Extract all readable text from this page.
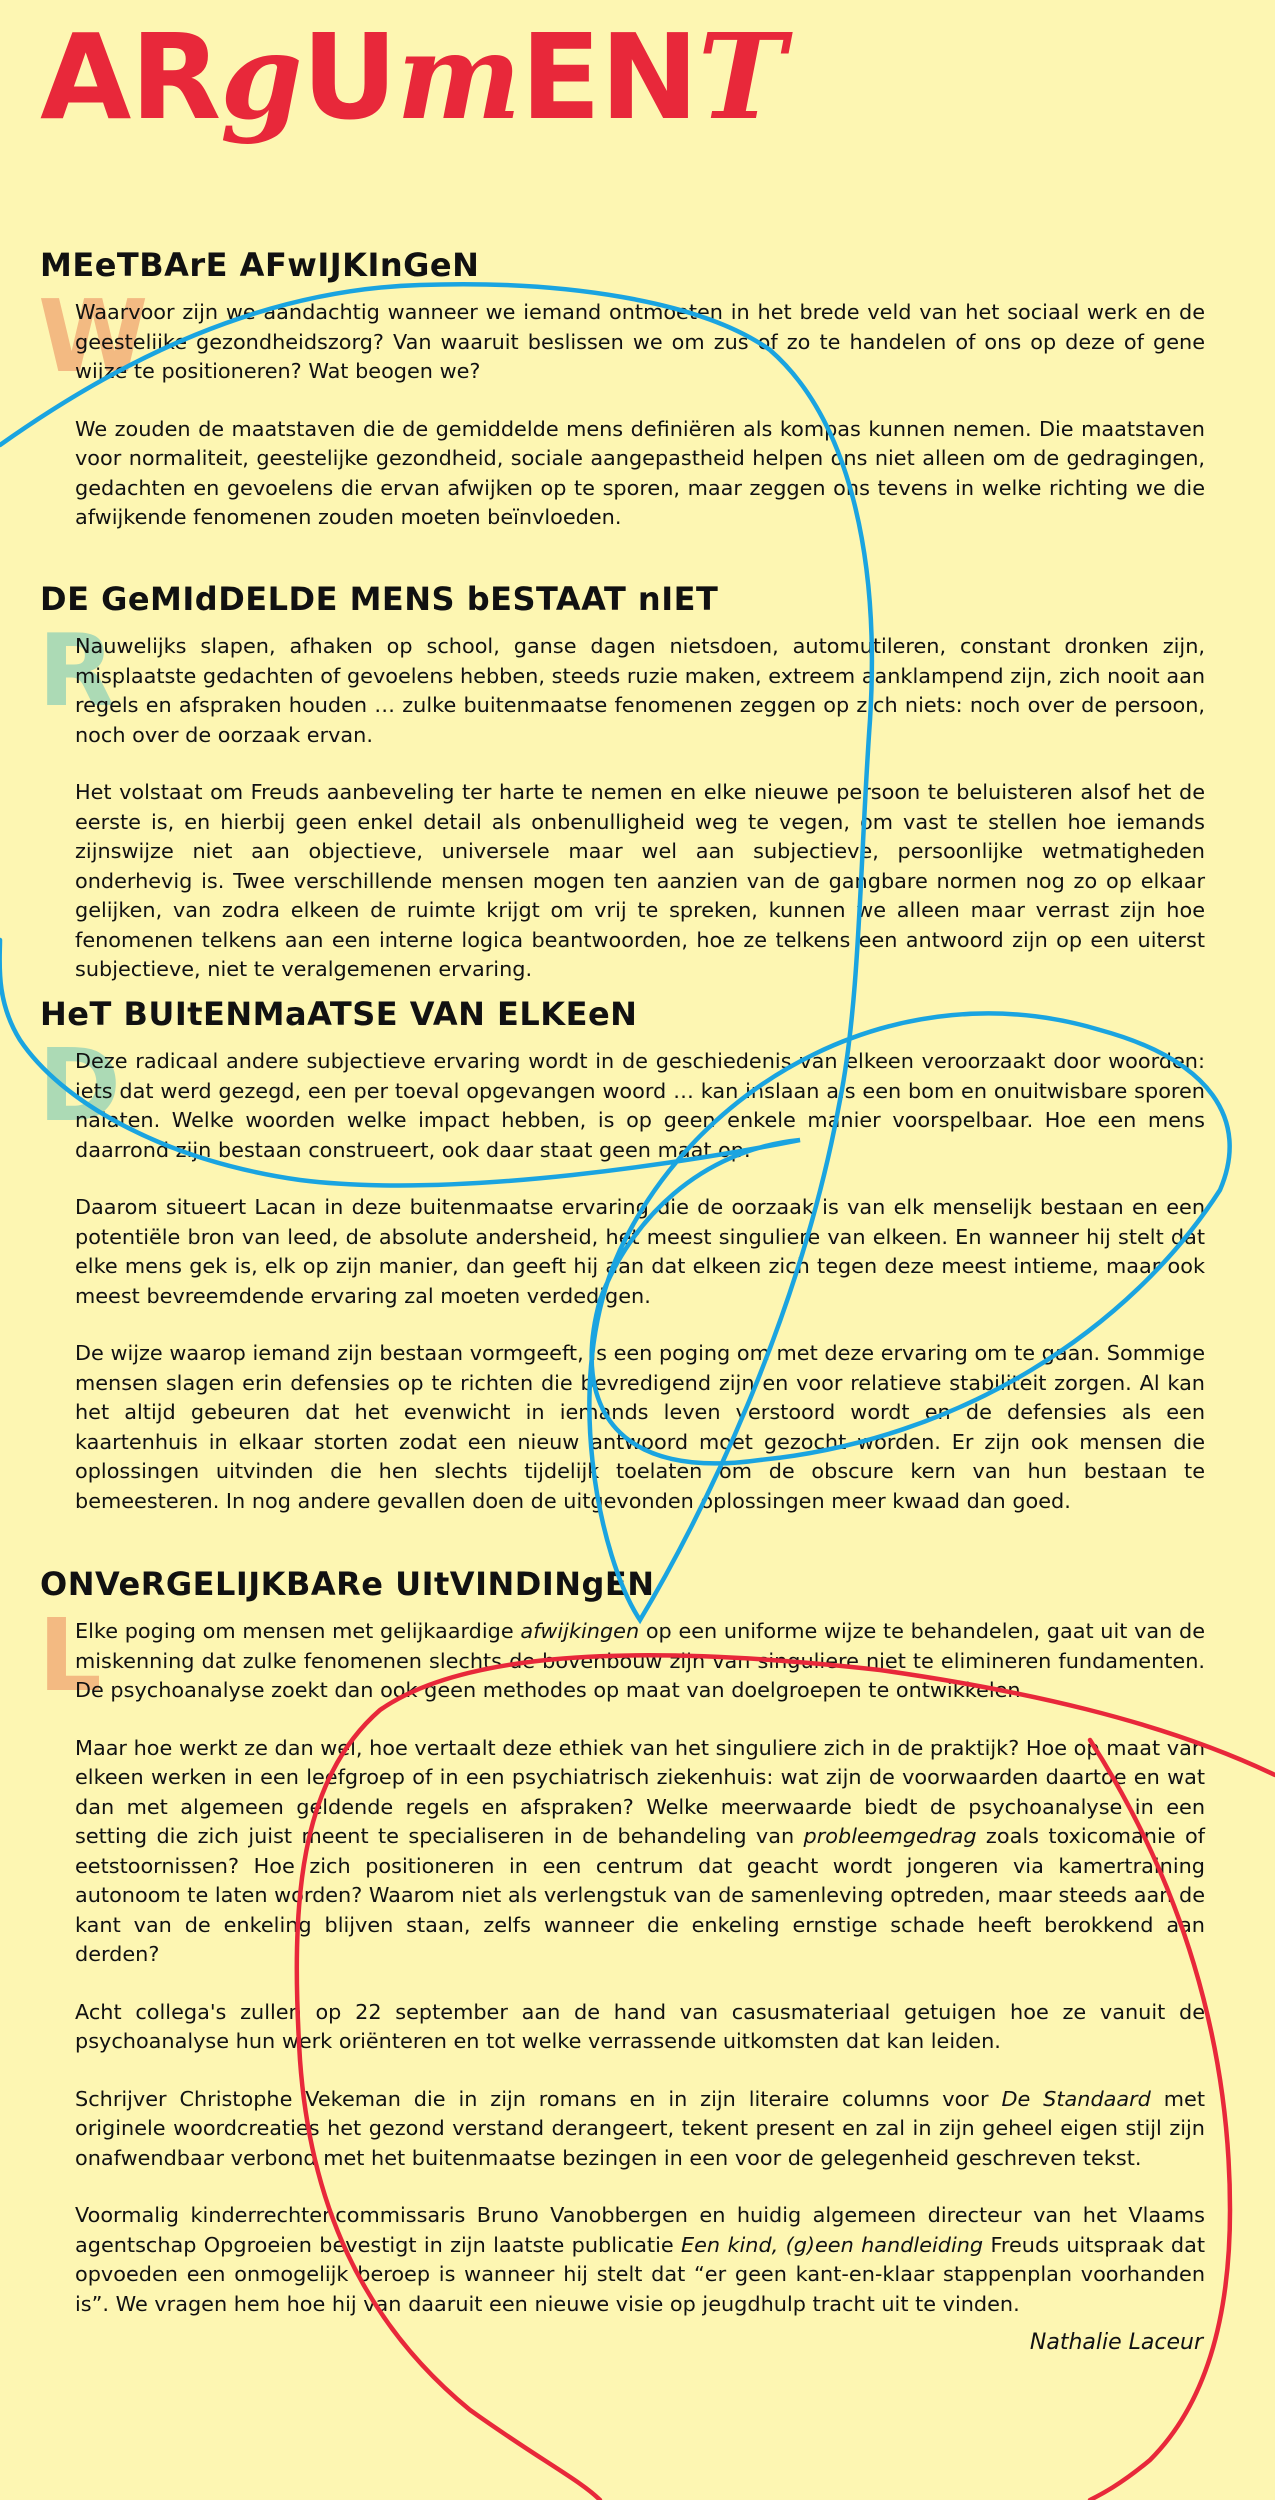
ARgUmENT
W
MEeTBArE AFwIJKInGeN

Waarvoor zijn we aandachtig wanneer we iemand ontmoeten in het brede veld van het sociaal werk en de geestelijke gezondheidszorg? Van waaruit beslissen we om zus of zo te handelen of ons op deze of gene wijze te positioneren? Wat beogen we?

We zouden de maatstaven die de gemiddelde mens definiëren als kompas kunnen nemen. Die maatstaven voor normaliteit, geestelijke gezondheid, sociale aangepastheid helpen ons niet alleen om de gedragingen, gedachten en gevoelens die ervan afwijken op te sporen, maar zeggen ons tevens in welke richting we die afwijkende fenomenen zouden moeten beïnvloeden.

R
DE GeMIdDELDE MENS bESTAAT nIET

Nauwelijks slapen, afhaken op school, ganse dagen nietsdoen, automutileren, constant dronken zijn, misplaatste gedachten of gevoelens hebben, steeds ruzie maken, extreem aanklampend zijn, zich nooit aan regels en afspraken houden … zulke buitenmaatse fenomenen zeggen op zich niets: noch over de persoon, noch over de oorzaak ervan.

Het volstaat om Freuds aanbeveling ter harte te nemen en elke nieuwe persoon te beluisteren alsof het de eerste is, en hierbij geen enkel detail als onbenulligheid weg te vegen, om vast te stellen hoe iemands zijnswijze niet aan objectieve, universele maar wel aan subjectieve, persoonlijke wetmatigheden onderhevig is. Twee verschillende mensen mogen ten aanzien van de gangbare normen nog zo op elkaar gelijken, van zodra elkeen de ruimte krijgt om vrij te spreken, kunnen we alleen maar verrast zijn hoe fenomenen telkens aan een interne logica beantwoorden, hoe ze telkens een antwoord zijn op een uiterst subjectieve, niet te veralgemenen ervaring.

D
HeT BUItENMaATSE VAN ELKEeN

Deze radicaal andere subjectieve ervaring wordt in de geschiedenis van elkeen veroorzaakt door woorden: iets dat werd gezegd, een per toeval opgevangen woord … kan inslaan als een bom en onuitwisbare sporen nalaten. Welke woorden welke impact hebben, is op geen enkele manier voorspelbaar. Hoe een mens daarrond zijn bestaan construeert, ook daar staat geen maat op.

Daarom situeert Lacan in deze buitenmaatse ervaring die de oorzaak is van elk menselijk bestaan en een potentiële bron van leed, de absolute andersheid, het meest singuliere van elkeen. En wanneer hij stelt dat elke mens gek is, elk op zijn manier, dan geeft hij aan dat elkeen zich tegen deze meest intieme, maar ook meest bevreemdende ervaring zal moeten verdedigen.

De wijze waarop iemand zijn bestaan vormgeeft, is een poging om met deze ervaring om te gaan. Sommige mensen slagen erin defensies op te richten die bevredigend zijn en voor relatieve stabiliteit zorgen. Al kan het altijd gebeuren dat het evenwicht in iemands leven verstoord wordt en de defensies als een kaartenhuis in elkaar storten zodat een nieuw antwoord moet gezocht worden. Er zijn ook mensen die oplossingen uitvinden die hen slechts tijdelijk toelaten om de obscure kern van hun bestaan te bemeesteren. In nog andere gevallen doen de uitgevonden oplossingen meer kwaad dan goed.

L
ONVeRGELIJKBARe UItVINDINgEN

Elke poging om mensen met gelijkaardige afwijkingen op een uniforme wijze te behandelen, gaat uit van de miskenning dat zulke fenomenen slechts de bovenbouw zijn van singuliere niet te elimineren fundamenten. De psychoanalyse zoekt dan ook geen methodes op maat van doelgroepen te ontwikkelen.

Maar hoe werkt ze dan wel, hoe vertaalt deze ethiek van het singuliere zich in de praktijk? Hoe op maat van elkeen werken in een leefgroep of in een psychiatrisch ziekenhuis: wat zijn de voorwaarden daartoe en wat dan met algemeen geldende regels en afspraken? Welke meerwaarde biedt de psychoanalyse in een setting die zich juist meent te specialiseren in de behandeling van probleemgedrag zoals toxicomanie of eetstoornissen? Hoe zich positioneren in een centrum dat geacht wordt jongeren via kamertraining autonoom te laten worden? Waarom niet als verlengstuk van de samenleving optreden, maar steeds aan de kant van de enkeling blijven staan, zelfs wanneer die enkeling ernstige schade heeft berokkend aan derden?

Acht collega's zullen op 22 september aan de hand van casusmateriaal getuigen hoe ze vanuit de psychoanalyse hun werk oriënteren en tot welke verrassende uitkomsten dat kan leiden.

Schrijver Christophe Vekeman die in zijn romans en in zijn literaire columns voor De Standaard met originele woordcreaties het gezond verstand derangeert, tekent present en zal in zijn geheel eigen stijl zijn onafwendbaar verbond met het buitenmaatse bezingen in een voor de gelegenheid geschreven tekst.

Voormalig kinderrechtencommissaris Bruno Vanobbergen en huidig algemeen directeur van het Vlaams agentschap Opgroeien bevestigt in zijn laatste publicatie Een kind, (g)een handleiding Freuds uitspraak dat opvoeden een onmogelijk beroep is wanneer hij stelt dat “er geen kant-en-klaar stappenplan voorhanden is”. We vragen hem hoe hij van daaruit een nieuwe visie op jeugdhulp tracht uit te vinden.

Nathalie Laceur
